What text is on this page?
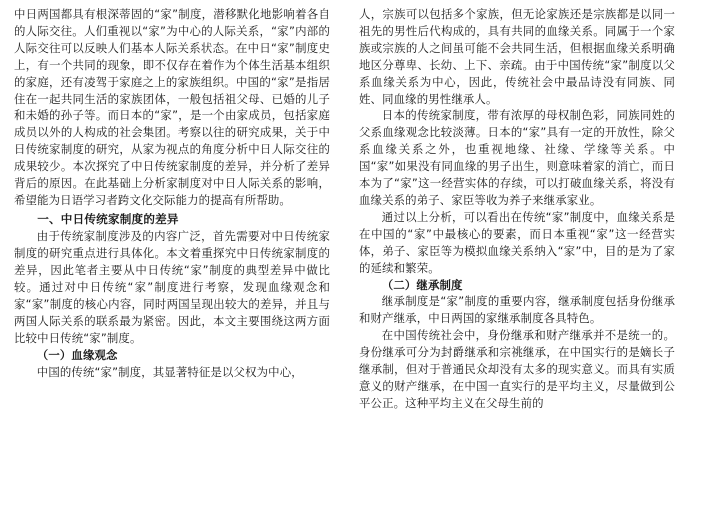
中日两国都具有根深蒂固的“家”制度，潜移默化地影响着各自的人际交往。人们重视以“家”为中心的人际关系，“家”内部的人际交往可以反映人们基本人际关系状态。在中日“家”制度史上，有一个共同的现象，即不仅存在着作为个体生活基本组织的家庭，还有凌驾于家庭之上的家族组织。中国的“家”是指居住在一起共同生活的家族团体，一般包括祖父母、已婚的儿子和未婚的孙子等。而日本的“家”，是一个由家成员，包括家庭成员以外的人构成的社会集团。考察以往的研究成果，关于中日传统家制度的研究，从家为视点的角度分析中日人际交往的成果较少。本次探究了中日传统家制度的差异，并分析了差异背后的原因。在此基础上分析家制度对中日人际关系的影响，希望能为日语学习者跨文化交际能力的提高有所帮助。

一、中日传统家制度的差异

由于传统家制度涉及的内容广泛，首先需要对中日传统家制度的研究重点进行具体化。本文着重探究中日传统家制度的差异，因此笔者主要从中日传统“家”制度的典型差异中做比较。通过对中日传统“家”制度进行考察，发现血缘观念和家“家”制度的核心内容，同时两国呈现出较大的差异，并且与两国人际关系的联系最为紧密。因此，本文主要围绕这两方面比较中日传统“家”制度。

（一）血缘观念

中国的传统“家”制度，其显著特征是以父权为中心，

人，宗族可以包括多个家族，但无论家族还是宗族都是以同一祖先的男性后代构成的，具有共同的血缘关系。同属于一个家族或宗族的人之间虽可能不会共同生活，但根据血缘关系明确地区分尊卑、长幼、上下、亲疏。由于中国传统“家”制度以父系血缘关系为中心，因此，传统社会中最品诗没有同族、同姓、同血缘的男性继承人。

日本的传统家制度，带有浓厚的母权制色彩，同族同姓的父系血缘观念比较淡薄。日本的“家”具有一定的开放性，除父系血缘关系之外，也重视地缘、社缘、学缘等关系。中国“家”如果没有同血缘的男子出生，则意味着家的消亡，而日本为了“家”这一经营实体的存续，可以打破血缘关系，将没有血缘关系的弟子、家臣等收为养子来继承家业。

通过以上分析，可以看出在传统“家”制度中，血缘关系是在中国的“家”中最核心的要素，而日本重视“家”这一经营实体，弟子、家臣等为模拟血缘关系纳入“家”中，目的是为了家的延续和繁荣。

（二）继承制度

继承制度是“家”制度的重要内容，继承制度包括身份继承和财产继承，中日两国的家继承制度各具特色。

在中国传统社会中，身份继承和财产继承并不是统一的。身份继承可分为封爵继承和宗祧继承，在中国实行的是嫡长子继承制，但对于普通民众却没有太多的现实意义。而具有实质意义的财产继承，在中国一直实行的是平均主义，尽量做到公平公正。这种平均主义在父母生前的
